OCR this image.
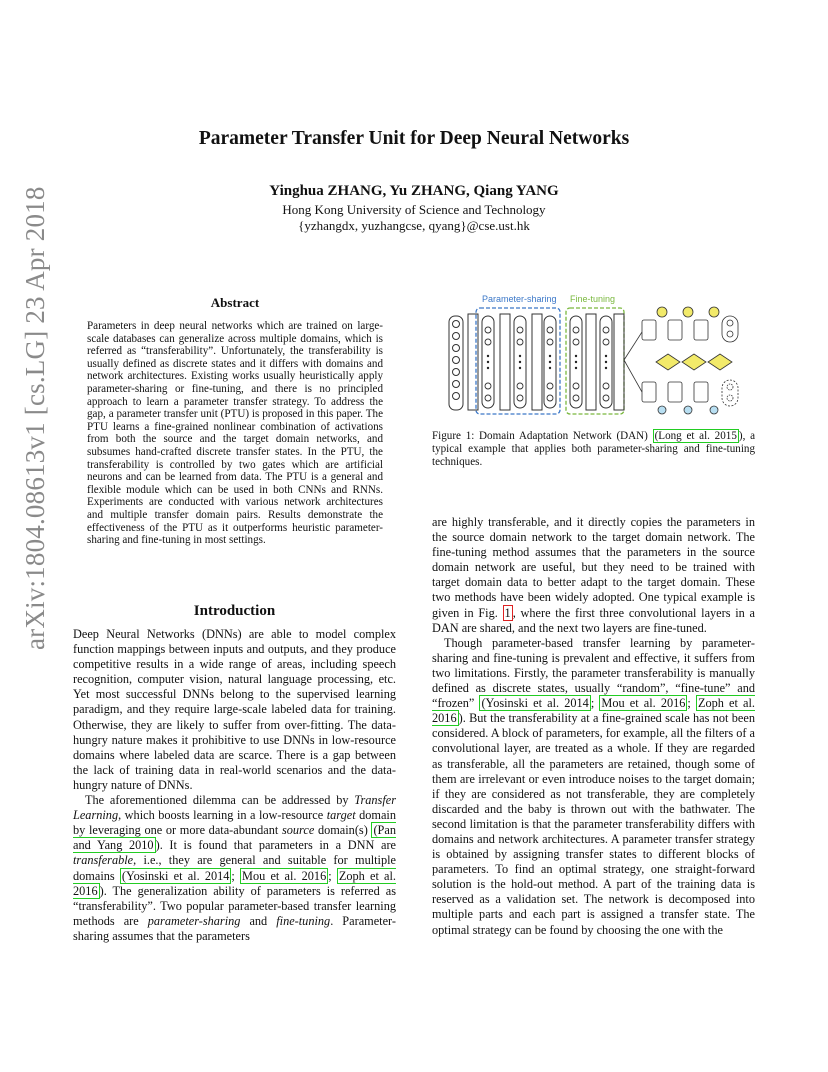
arXiv:1804.08613v1 [cs.LG] 23 Apr 2018
Parameter Transfer Unit for Deep Neural Networks
Yinghua ZHANG, Yu ZHANG, Qiang YANG
Hong Kong University of Science and Technology
{yzhangdx, yuzhangcse, qyang}@cse.ust.hk
Abstract
Parameters in deep neural networks which are trained on large-scale databases can generalize across multiple domains, which is referred as “transferability”. Unfortunately, the transferability is usually defined as discrete states and it differs with domains and network architectures. Existing works usually heuristically apply parameter-sharing or fine-tuning, and there is no principled approach to learn a parameter transfer strategy. To address the gap, a parameter transfer unit (PTU) is proposed in this paper. The PTU learns a fine-grained nonlinear combination of activations from both the source and the target domain networks, and subsumes hand-crafted discrete transfer states. In the PTU, the transferability is controlled by two gates which are artificial neurons and can be learned from data. The PTU is a general and flexible module which can be used in both CNNs and RNNs. Experiments are conducted with various network architectures and multiple transfer domain pairs. Results demonstrate the effectiveness of the PTU as it outperforms heuristic parameter-sharing and fine-tuning in most settings.
Introduction

Deep Neural Networks (DNNs) are able to model complex function mappings between inputs and outputs, and they produce competitive results in a wide range of areas, including speech recognition, computer vision, natural language processing, etc. Yet most successful DNNs belong to the supervised learning paradigm, and they require large-scale labeled data for training. Otherwise, they are likely to suffer from over-fitting. The data-hungry nature makes it prohibitive to use DNNs in low-resource domains where labeled data are scarce. There is a gap between the lack of training data in real-world scenarios and the data-hungry nature of DNNs.

The aforementioned dilemma can be addressed by Transfer Learning, which boosts learning in a low-resource target domain by leveraging one or more data-abundant source domain(s) (Pan and Yang 2010 ). It is found that parameters in a DNN are transferable, i.e., they are general and suitable for multiple domains (Yosinski et al. 2014 ; Mou et al. 2016 ; Zoph et al. 2016 ). The generalization ability of parameters is referred as “transferability”. Two popular parameter-based transfer learning methods are parameter-sharing and fine-tuning. Parameter-sharing assumes that the parameters

Parameter-sharing Fine-tuning
Figure 1: Domain Adaptation Network (DAN) (Long et al. 2015 ), a typical example that applies both parameter-sharing and fine-tuning techniques.

are highly transferable, and it directly copies the parameters in the source domain network to the target domain network. The fine-tuning method assumes that the parameters in the source domain network are useful, but they need to be trained with target domain data to better adapt to the target domain. These two methods have been widely adopted. One typical example is given in Fig. 1 , where the first three convolutional layers in a DAN are shared, and the next two layers are fine-tuned.

Though parameter-based transfer learning by parameter-sharing and fine-tuning is prevalent and effective, it suffers from two limitations. Firstly, the parameter transferability is manually defined as discrete states, usually “random”, “fine-tune” and “frozen” (Yosinski et al. 2014 ; Mou et al. 2016 ; Zoph et al. 2016 ). But the transferability at a fine-grained scale has not been considered. A block of parameters, for example, all the filters of a convolutional layer, are treated as a whole. If they are regarded as transferable, all the parameters are retained, though some of them are irrelevant or even introduce noises to the target domain; if they are considered as not transferable, they are completely discarded and the baby is thrown out with the bathwater. The second limitation is that the parameter transferability differs with domains and network architectures. A parameter transfer strategy is obtained by assigning transfer states to different blocks of parameters. To find an optimal strategy, one straight-forward solution is the hold-out method. A part of the training data is reserved as a validation set. The network is decomposed into multiple parts and each part is assigned a transfer state. The optimal strategy can be found by choosing the one with the
